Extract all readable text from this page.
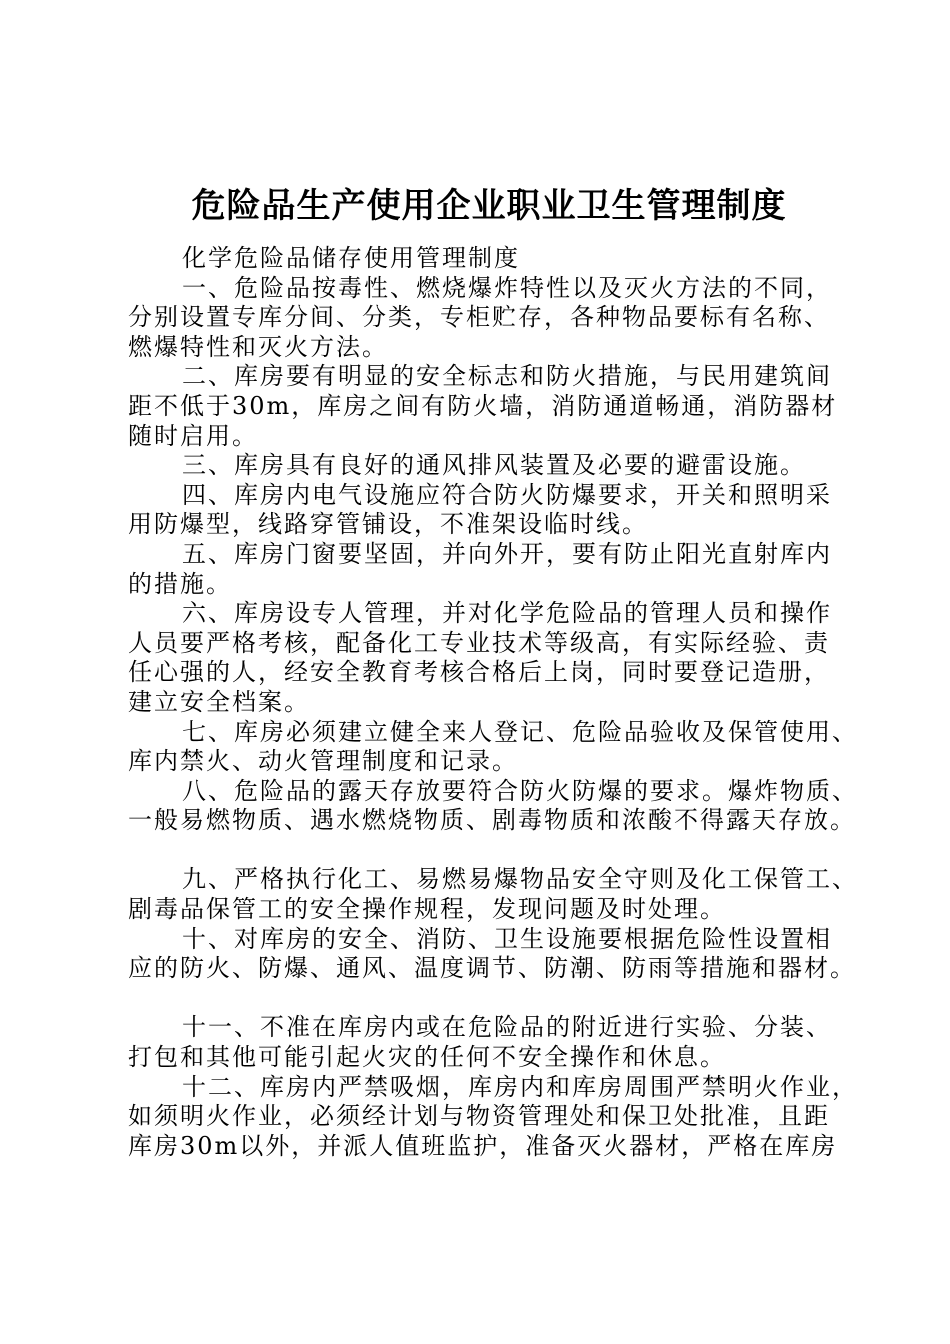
危险品生产使用企业职业卫生管理制度
化学危险品储存使用管理制度
一、危险品按毒性、燃烧爆炸特性以及灭火方法的不同，
分别设置专库分间、分类，专柜贮存，各种物品要标有名称、
燃爆特性和灭火方法。
二、库房要有明显的安全标志和防火措施，与民用建筑间
距不低于30m，库房之间有防火墙，消防通道畅通，消防器材
随时启用。
三、库房具有良好的通风排风装置及必要的避雷设施。
四、库房内电气设施应符合防火防爆要求，开关和照明采
用防爆型，线路穿管铺设，不准架设临时线。
五、库房门窗要坚固，并向外开，要有防止阳光直射库内
的措施。
六、库房设专人管理，并对化学危险品的管理人员和操作
人员要严格考核，配备化工专业技术等级高，有实际经验、责
任心强的人，经安全教育考核合格后上岗，同时要登记造册，
建立安全档案。
七、库房必须建立健全来人登记、危险品验收及保管使用、
库内禁火、动火管理制度和记录。
八、危险品的露天存放要符合防火防爆的要求。爆炸物质、
一般易燃物质、遇水燃烧物质、剧毒物质和浓酸不得露天存放。
九、严格执行化工、易燃易爆物品安全守则及化工保管工、
剧毒品保管工的安全操作规程，发现问题及时处理。
十、对库房的安全、消防、卫生设施要根据危险性设置相
应的防火、防爆、通风、温度调节、防潮、防雨等措施和器材。
十一、不准在库房内或在危险品的附近进行实验、分装、
打包和其他可能引起火灾的任何不安全操作和休息。
十二、库房内严禁吸烟，库房内和库房周围严禁明火作业，
如须明火作业，必须经计划与物资管理处和保卫处批准，且距
库房30m以外，并派人值班监护，准备灭火器材，严格在库房
